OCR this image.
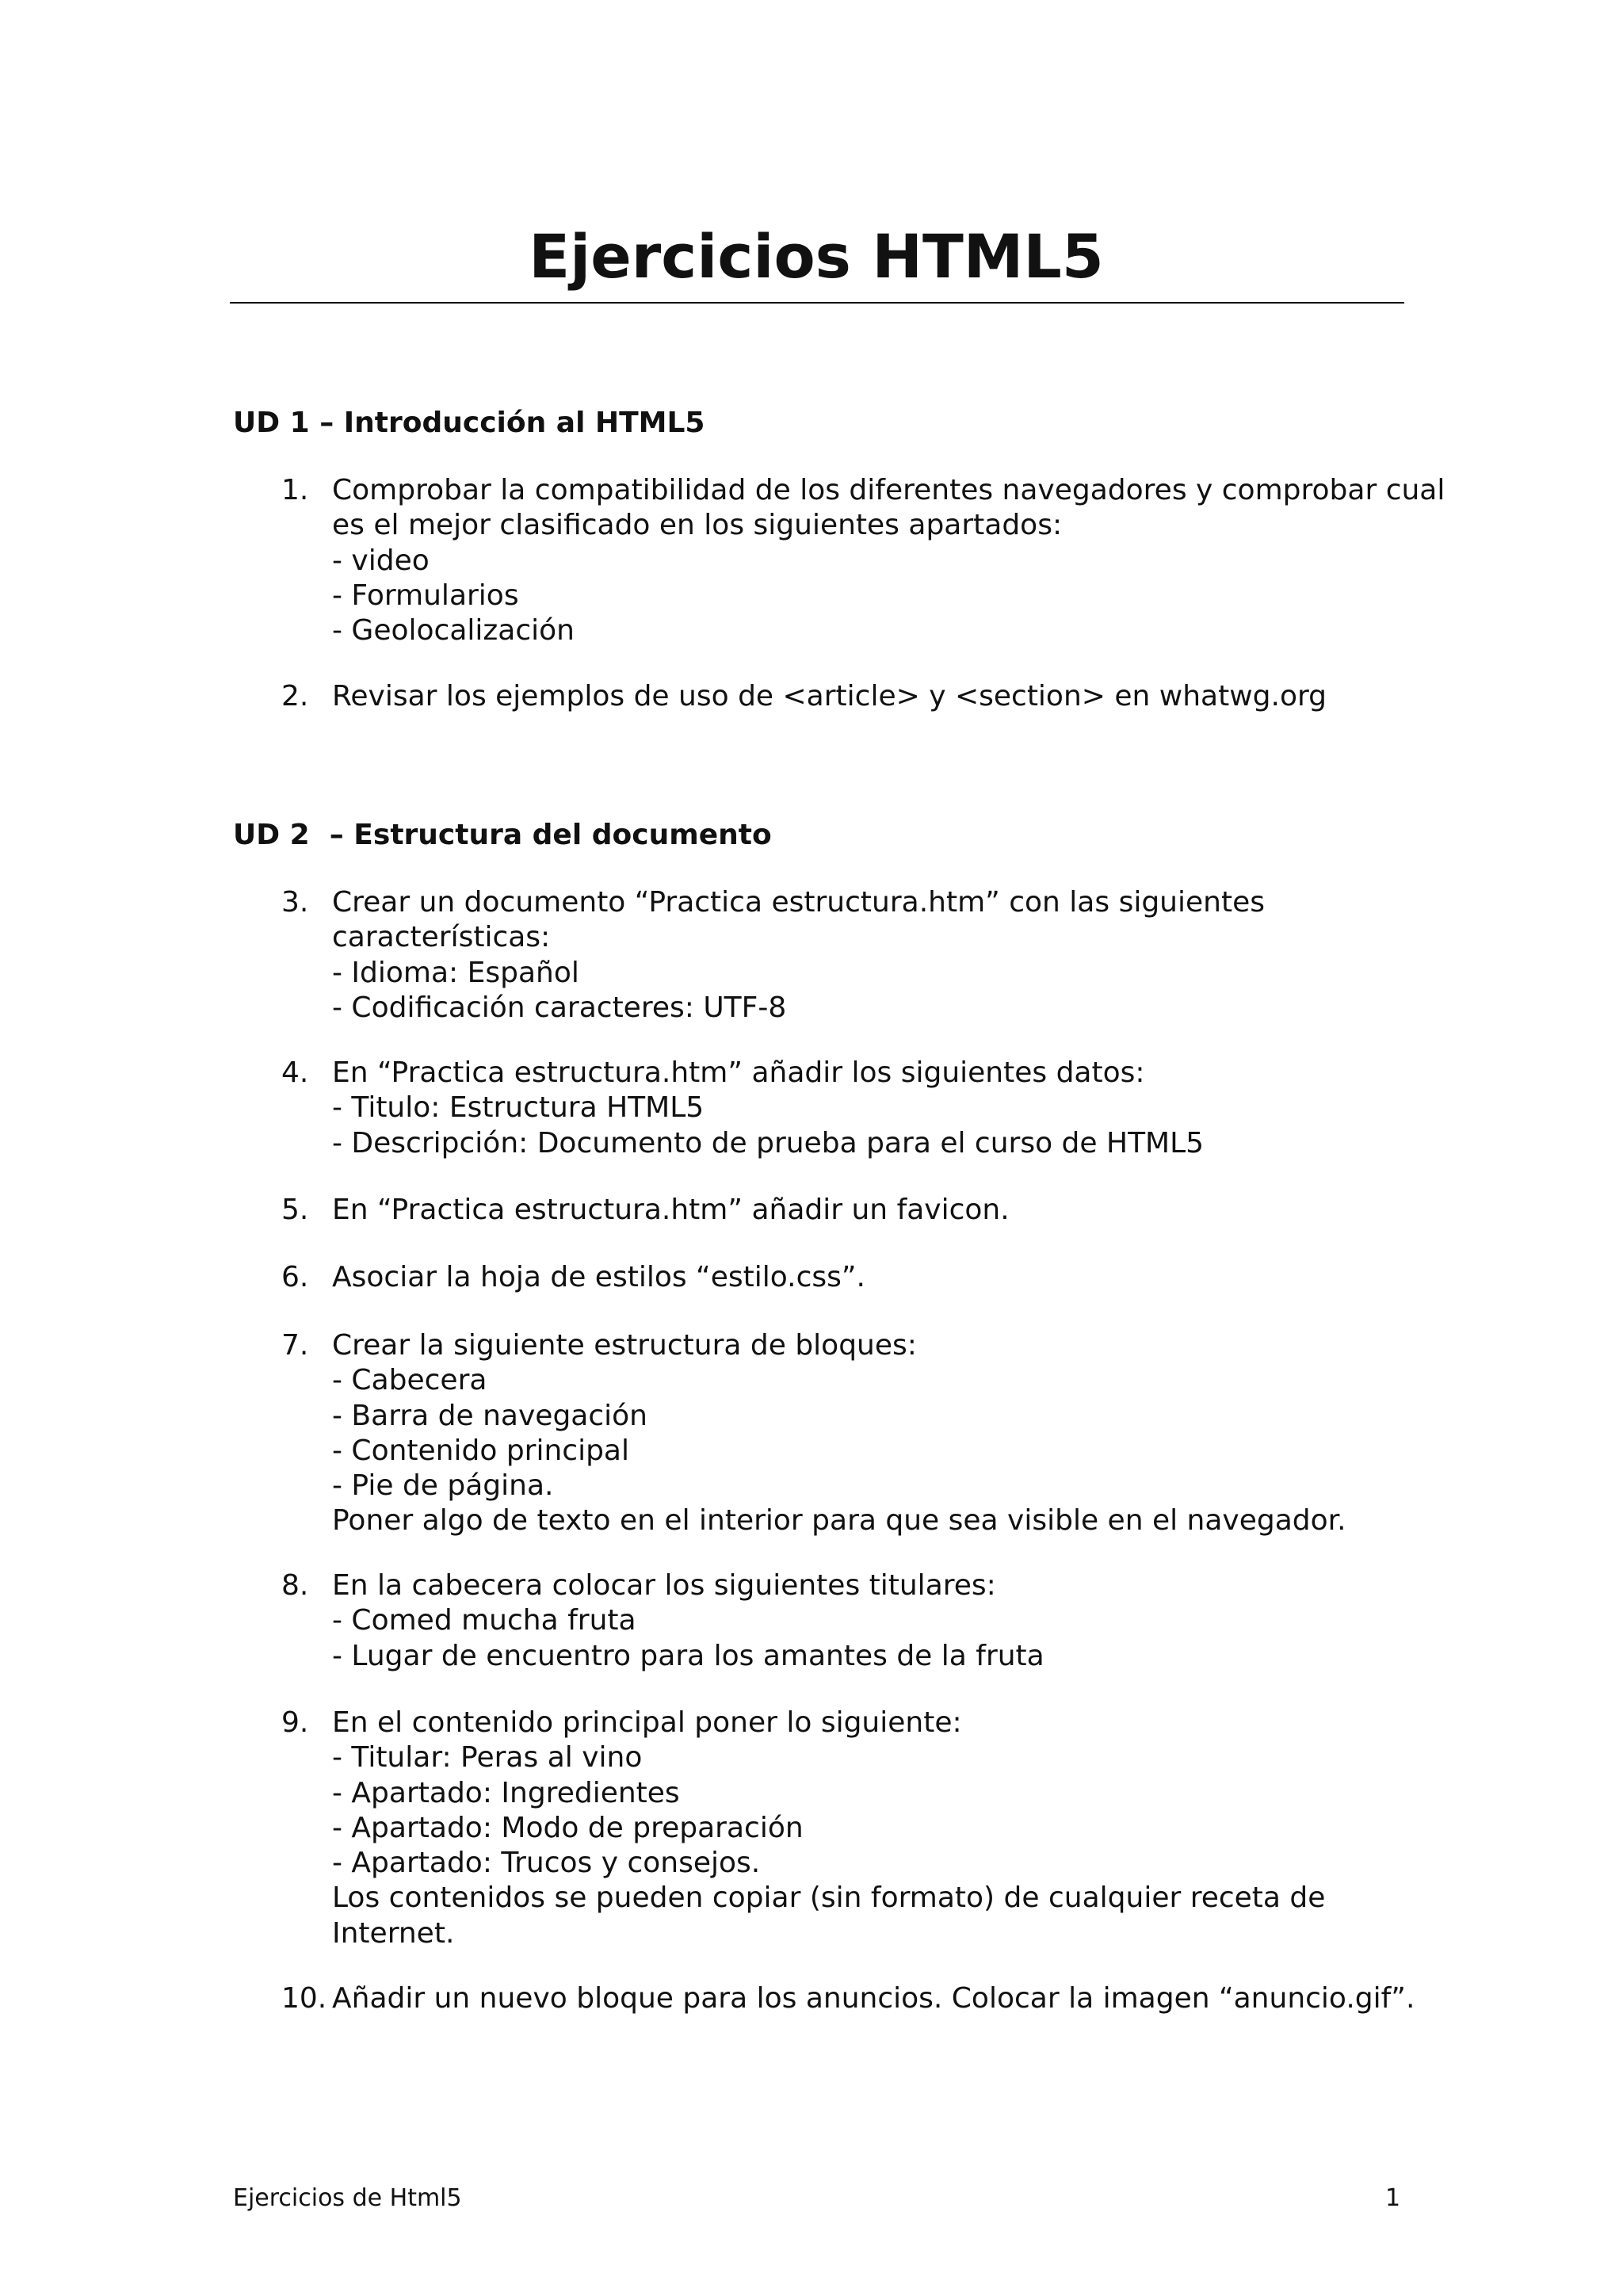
Ejercicios HTML5
UD 1 – Introducción al HTML5
1. Comprobar la compatibilidad de los diferentes navegadores y comprobar cual
es el mejor clasificado en los siguientes apartados:
- video
- Formularios
- Geolocalización
2. Revisar los ejemplos de uso de <article> y <section> en whatwg.org
UD 2  – Estructura del documento
3. Crear un documento “Practica estructura.htm” con las siguientes
características:
- Idioma: Español
- Codificación caracteres: UTF-8
4. En “Practica estructura.htm” añadir los siguientes datos:
- Titulo: Estructura HTML5
- Descripción: Documento de prueba para el curso de HTML5
5. En “Practica estructura.htm” añadir un favicon.
6. Asociar la hoja de estilos “estilo.css”.
7. Crear la siguiente estructura de bloques:
- Cabecera
- Barra de navegación
- Contenido principal
- Pie de página.
Poner algo de texto en el interior para que sea visible en el navegador.
8. En la cabecera colocar los siguientes titulares:
- Comed mucha fruta
- Lugar de encuentro para los amantes de la fruta
9. En el contenido principal poner lo siguiente:
- Titular: Peras al vino
- Apartado: Ingredientes
- Apartado: Modo de preparación
- Apartado: Trucos y consejos.
Los contenidos se pueden copiar (sin formato) de cualquier receta de
Internet.
10. Añadir un nuevo bloque para los anuncios. Colocar la imagen “anuncio.gif”.
Ejercicios de Html5	1
